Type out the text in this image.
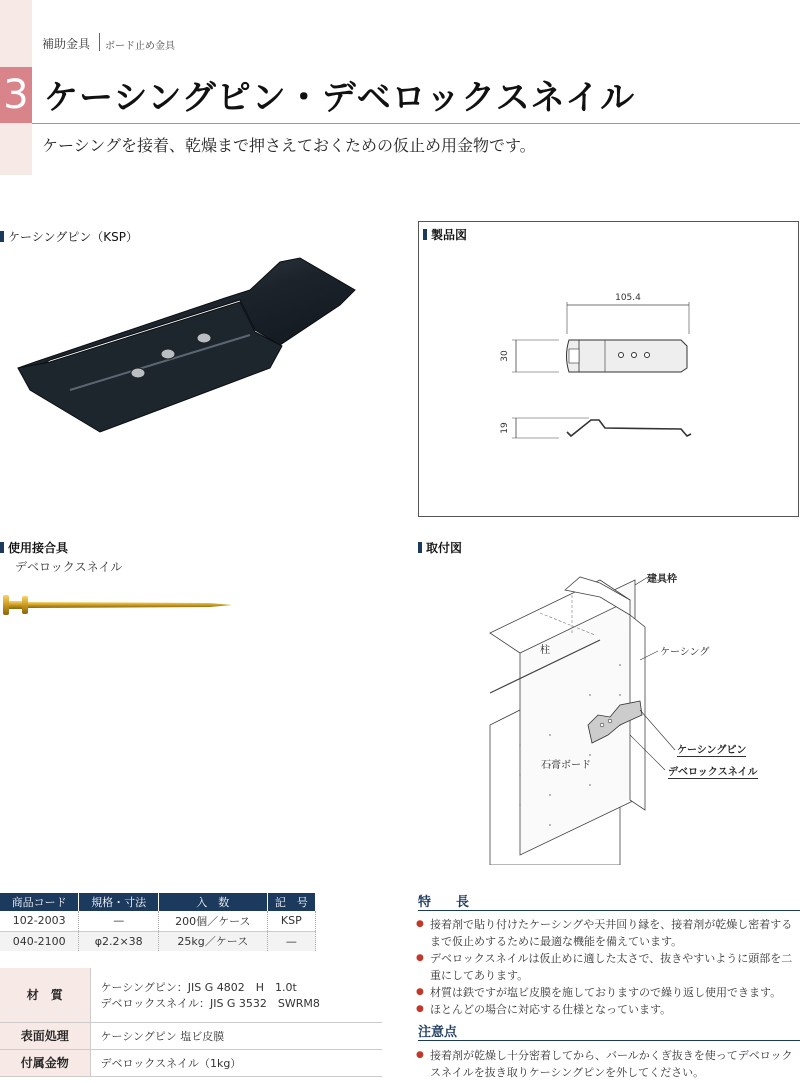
3
補助金具 ボード止め金具
ケーシングピン・デベロックスネイル
ケーシングを接着、乾燥まで押さえておくための仮止め用金物です。
ケーシングピン（KSP）	製品図
105.4
30
19
使用接合具
デベロックスネイル
取付図
建具枠
柱	ケーシング
石膏ボード
ケーシングピン
デベロックスネイル
商品コード	規格・寸法	入　数	記　号
102-2003	—	200個／ケース	KSP
040-2100	φ2.2×38	25kg／ケース	—
材　質	ケーシングピン：JIS G 4802　H　1.0t
デベロックスネイル：JIS G 3532　SWRM8

表面処理	ケーシングピン 塩ビ皮膜
付属金物	デベロックスネイル（1kg）
特　長
● 接着剤で貼り付けたケーシングや天井回り縁を、接着剤が乾燥し密着するまで仮止めするために最適な機能を備えています。
● デベロックスネイルは仮止めに適した太さで、抜きやすいように頭部を二重にしてあります。
● 材質は鉄ですが塩ビ皮膜を施しておりますので繰り返し使用できます。
● ほとんどの場合に対応する仕様となっています。
注意点
● 接着剤が乾燥し十分密着してから、バールかくぎ抜きを使ってデベロックスネイルを抜き取りケーシングピンを外してください。
